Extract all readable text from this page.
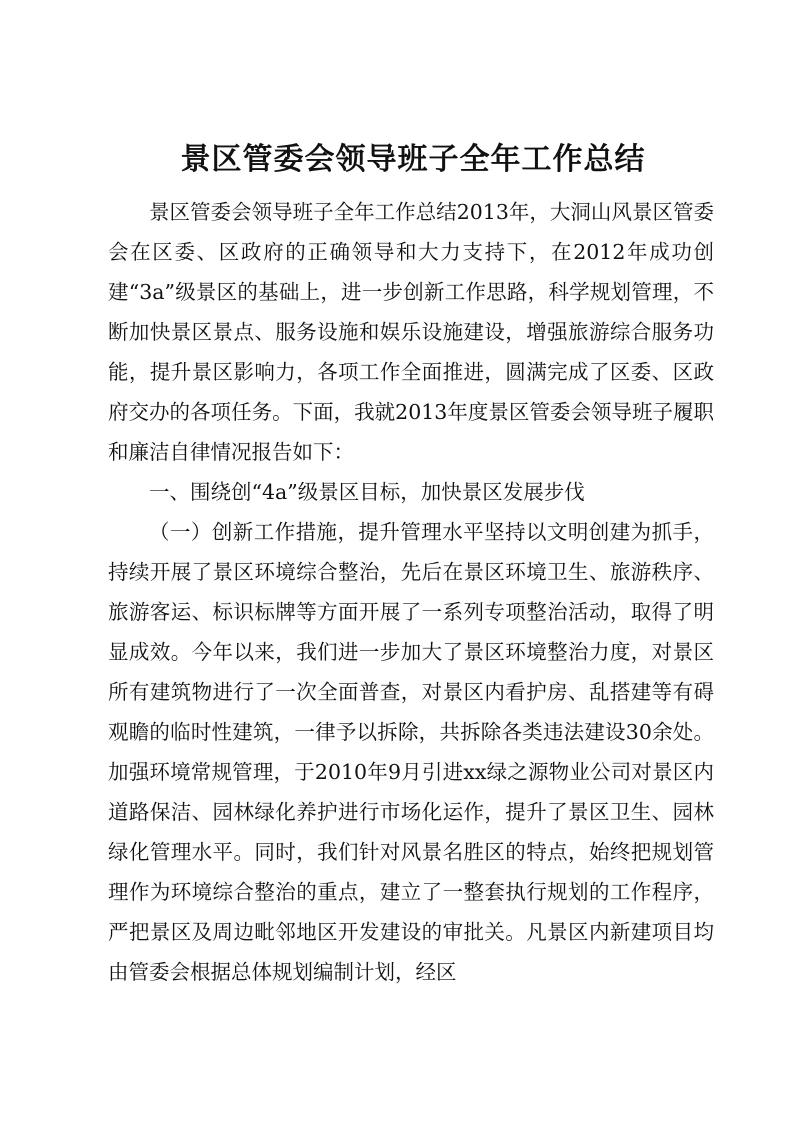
景区管委会领导班子全年工作总结

景区管委会领导班子全年工作总结2013年，大洞山风景区管委会在区委、区政府的正确领导和大力支持下，在2012年成功创建“3a”级景区的基础上，进一步创新工作思路，科学规划管理，不断加快景区景点、服务设施和娱乐设施建设，增强旅游综合服务功能，提升景区影响力，各项工作全面推进，圆满完成了区委、区政府交办的各项任务。下面，我就2013年度景区管委会领导班子履职和廉洁自律情况报告如下：

一、围绕创“4a”级景区目标，加快景区发展步伐

（一）创新工作措施，提升管理水平坚持以文明创建为抓手，持续开展了景区环境综合整治，先后在景区环境卫生、旅游秩序、旅游客运、标识标牌等方面开展了一系列专项整治活动，取得了明显成效。今年以来，我们进一步加大了景区环境整治力度，对景区所有建筑物进行了一次全面普查，对景区内看护房、乱搭建等有碍观瞻的临时性建筑，一律予以拆除，共拆除各类违法建设30余处。加强环境常规管理，于2010年9月引进xx绿之源物业公司对景区内道路保洁、园林绿化养护进行市场化运作，提升了景区卫生、园林绿化管理水平。同时，我们针对风景名胜区的特点，始终把规划管理作为环境综合整治的重点，建立了一整套执行规划的工作程序，严把景区及周边毗邻地区开发建设的审批关。凡景区内新建项目均由管委会根据总体规划编制计划，经区
